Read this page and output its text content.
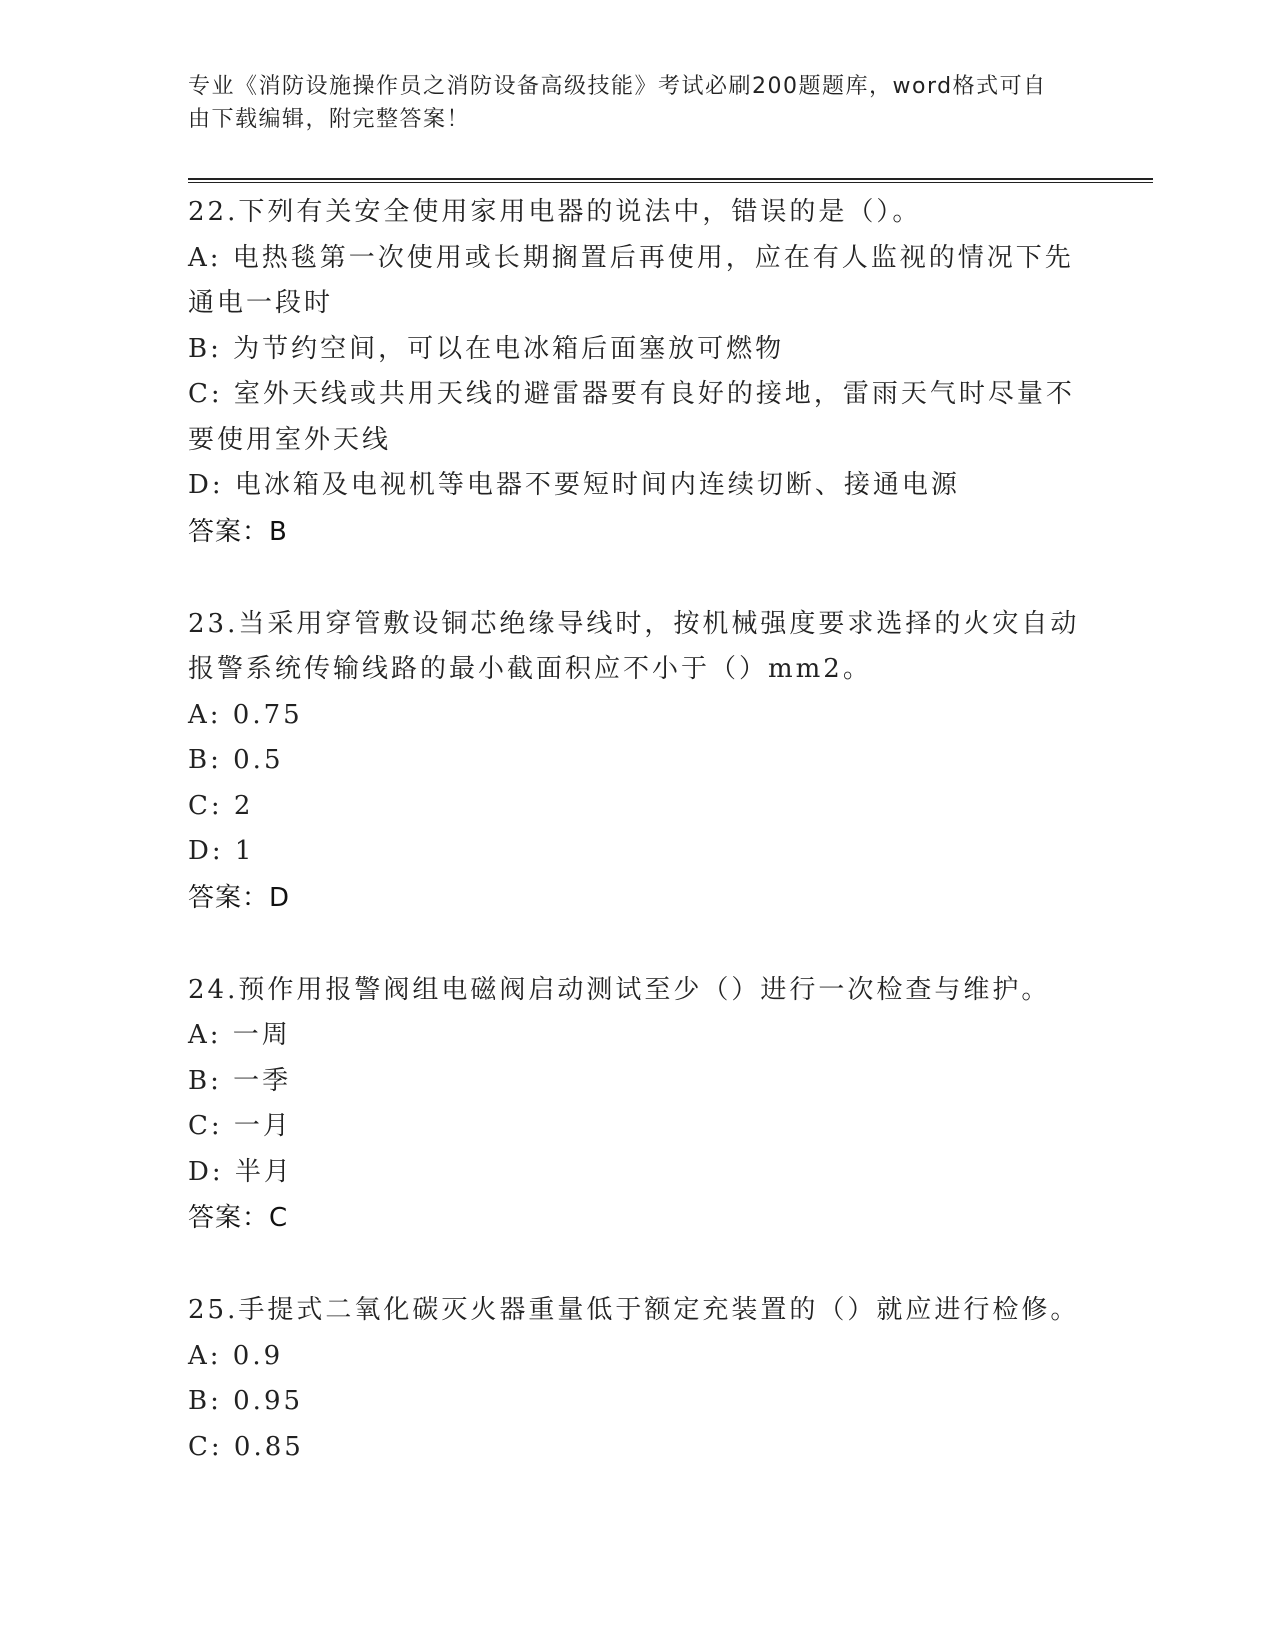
专业《消防设施操作员之消防设备高级技能》考试必刷200题题库，word格式可自由下载编辑，附完整答案！

22.下列有关安全使用家用电器的说法中，错误的是（）。

A: 电热毯第一次使用或长期搁置后再使用，应在有人监视的情况下先

通电一段时

B: 为节约空间，可以在电冰箱后面塞放可燃物

C: 室外天线或共用天线的避雷器要有良好的接地，雷雨天气时尽量不

要使用室外天线

D: 电冰箱及电视机等电器不要短时间内连续切断、接通电源

答案：B

23.当采用穿管敷设铜芯绝缘导线时，按机械强度要求选择的火灾自动

报警系统传输线路的最小截面积应不小于（）mm2。

A: 0.75

B: 0.5

C: 2

D: 1

答案：D

24.预作用报警阀组电磁阀启动测试至少（）进行一次检查与维护。

A: 一周

B: 一季

C: 一月

D: 半月

答案：C

25.手提式二氧化碳灭火器重量低于额定充装置的（）就应进行检修。

A: 0.9

B: 0.95

C: 0.85
